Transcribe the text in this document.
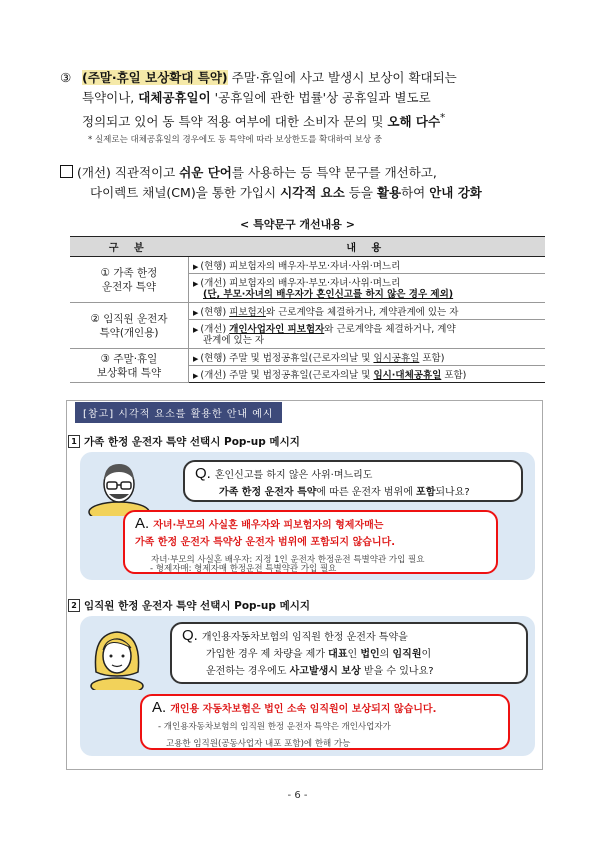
③ (주말·휴일 보상확대 특약) 주말·휴일에 사고 발생시 보상이 확대되는
특약이나, 대체공휴일이 '공휴일에 관한 법률'상 공휴일과 별도로
정의되고 있어 동 특약 적용 여부에 대한 소비자 문의 및 오해 다수*
* 실제로는 대체공휴일의 경우에도 동 특약에 따라 보상한도를 확대하여 보상 중
(개선) 직관적이고 쉬운 단어를 사용하는 등 특약 문구를 개선하고,
다이렉트 채널(CM)을 통한 가입시 시각적 요소 등을 활용하여 안내 강화
< 특약문구 개선내용 >
구 분	내 용
① 가족 한정
운전자 특약	▶ (현행) 피보험자의 배우자·부모·자녀·사위·며느리
	▶ (개선) 피보험자의 배우자·부모·자녀·사위·며느리
(단, 부모·자녀의 배우자가 혼인신고를 하지 않은 경우 제외)

② 임직원 운전자
특약(개인용)	▶ (현행) 피보험자와 근로계약을 체결하거나, 계약관계에 있는 자
	▶ (개선) 개인사업자인 피보험자와 근로계약을 체결하거나, 계약
관계에 있는 자

③ 주말·휴일
보상확대 특약	▶ (현행) 주말 및 법정공휴일(근로자의날 및 임시공휴일 포함)
	▶ (개선) 주말 및 법정공휴일(근로자의날 및 임시·대체공휴일 포함)
[참고] 시각적 요소를 활용한 안내 예시
1 가족 한정 운전자 특약 선택시 Pop-up 메시지
Q. 혼인신고를 하지 않은 사위·며느리도
가족 한정 운전자 특약에 따른 운전자 범위에 포함되나요?
A. 자녀·부모의 사실혼 배우자와 피보험자의 형제자매는
가족 한정 운전자 특약상 운전자 범위에 포함되지 않습니다.
자녀·부모의 사실혼 배우자: 지정 1인 운전자 한정운전 특별약관 가입 필요
- 형제자매: 형제자매 한정운전 특별약관 가입 필요
2 임직원 한정 운전자 특약 선택시 Pop-up 메시지
Q. 개인용자동차보험의 임직원 한정 운전자 특약을
가입한 경우 제 차량을 제가 대표인 법인의 임직원이
운전하는 경우에도 사고발생시 보상 받을 수 있나요?
A. 개인용 자동차보험은 법인 소속 임직원이 보상되지 않습니다.
- 개인용자동차보험의 임직원 한정 운전자 특약은 개인사업자가
고용한 임직원(공동사업자 내포 포함)에 한해 가능
- 6 -
